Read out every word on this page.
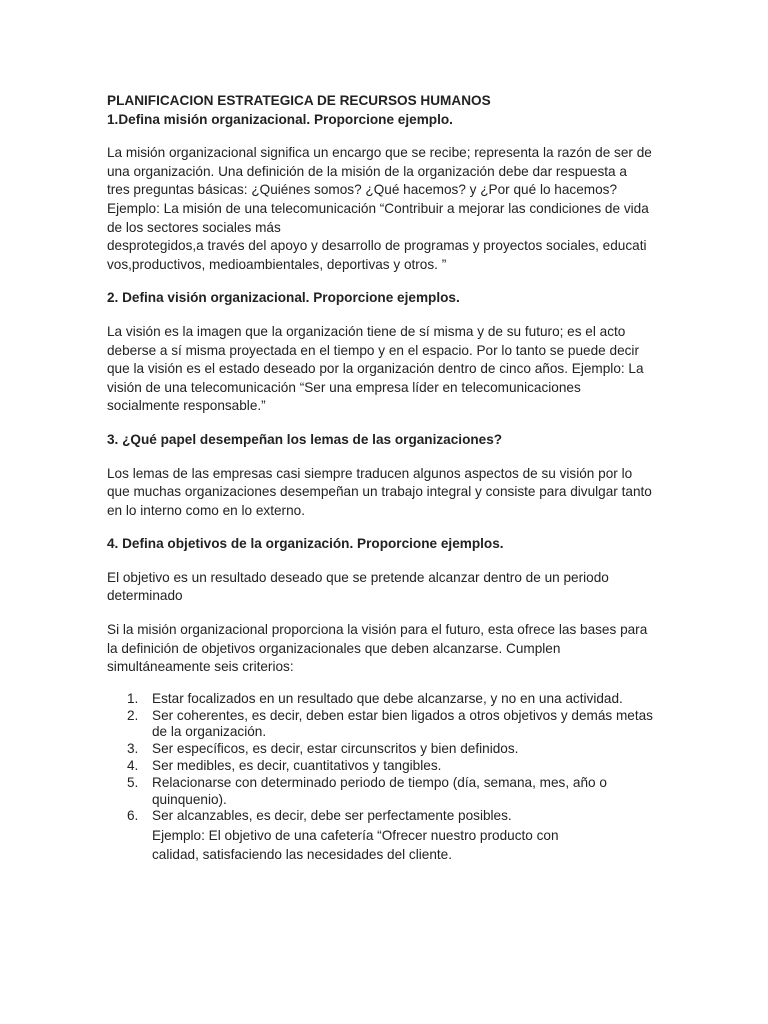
PLANIFICACION ESTRATEGICA DE RECURSOS HUMANOS

1.Defina misión organizacional. Proporcione ejemplo.

La misión organizacional significa un encargo que se recibe; representa la razón de ser de
una organización. Una definición de la misión de la organización debe dar respuesta a
tres preguntas básicas: ¿Quiénes somos? ¿Qué hacemos? y ¿Por qué lo hacemos?
Ejemplo: La misión de una telecomunicación “Contribuir a mejorar las condiciones de vida
de los sectores sociales más
desprotegidos,a través del apoyo y desarrollo de programas y proyectos sociales, educati
vos,productivos, medioambientales, deportivas y otros. ”

2. Defina visión organizacional. Proporcione ejemplos.

La visión es la imagen que la organización tiene de sí misma y de su futuro; es el acto
deberse a sí misma proyectada en el tiempo y en el espacio. Por lo tanto se puede decir
que la visión es el estado deseado por la organización dentro de cinco años. Ejemplo: La
visión de una telecomunicación “Ser una empresa líder en telecomunicaciones
socialmente responsable.”

3. ¿Qué papel desempeñan los lemas de las organizaciones?

Los lemas de las empresas casi siempre traducen algunos aspectos de su visión por lo
que muchas organizaciones desempeñan un trabajo integral y consiste para divulgar tanto
en lo interno como en lo externo.

4. Defina objetivos de la organización. Proporcione ejemplos.

El objetivo es un resultado deseado que se pretende alcanzar dentro de un periodo
determinado

Si la misión organizacional proporciona la visión para el futuro, esta ofrece las bases para
la definición de objetivos organizacionales que deben alcanzarse. Cumplen
simultáneamente seis criterios:

1. Estar focalizados en un resultado que debe alcanzarse, y no en una actividad.
2. Ser coherentes, es decir, deben estar bien ligados a otros objetivos y demás metas
de la organización.
3. Ser específicos, es decir, estar circunscritos y bien definidos.
4. Ser medibles, es decir, cuantitativos y tangibles.
5. Relacionarse con determinado periodo de tiempo (día, semana, mes, año o
quinquenio).
6. Ser alcanzables, es decir, debe ser perfectamente posibles.
Ejemplo: El objetivo de una cafetería “Ofrecer nuestro producto con
calidad, satisfaciendo las necesidades del cliente.
